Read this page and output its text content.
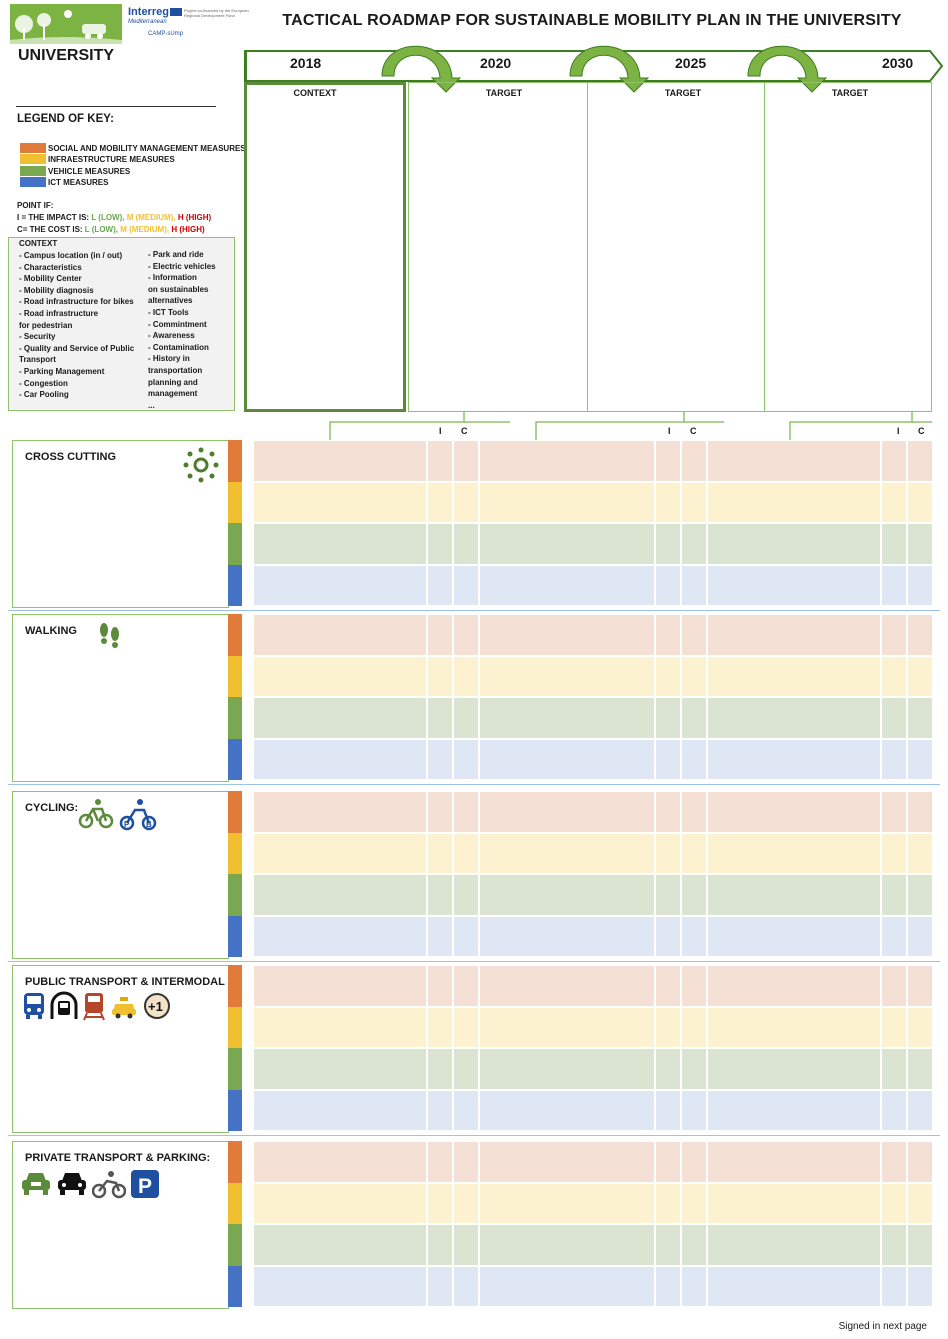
Interreg	Project co-financed by the European Regional Development Fund
Mediterranean
CAMP-sUmp
TACTICAL ROADMAP FOR SUSTAINABLE MOBILITY PLAN IN THE UNIVERSITY
UNIVERSITY
LEGEND OF KEY:
SOCIAL AND MOBILITY MANAGEMENT MEASURES
INFRAESTRUCTURE MEASURES
VEHICLE MEASURES
ICT MEASURES
POINT IF:
I = THE IMPACT IS: L (LOW), M (MEDIUM), H (HIGH)
C= THE COST IS: L (LOW), M (MEDIUM), H (HIGH)
CONTEXT
- Campus location (in / out)
- Characteristics
- Mobility Center
- Mobility diagnosis
- Road infrastructure for bikes
- Road infrastructure
for pedestrian
- Security
- Quality and Service of Public
Transport
- Parking Management
- Congestion
- Car Pooling
- Park and ride
- Electric vehicles
- Information
on sustainables
alternatives
- ICT Tools
- Commintment
- Awareness
- Contamination
- History in
transportation
planning and
management
...
2018	2020	2025	2030
CONTEXT	TARGET	TARGET	TARGET
I C	I C	I C
CROSS CUTTING
WALKING
CYCLING:
P B
PUBLIC TRANSPORT & INTERMODAL
+1
PRIVATE TRANSPORT & PARKING:
P
Signed in next page
